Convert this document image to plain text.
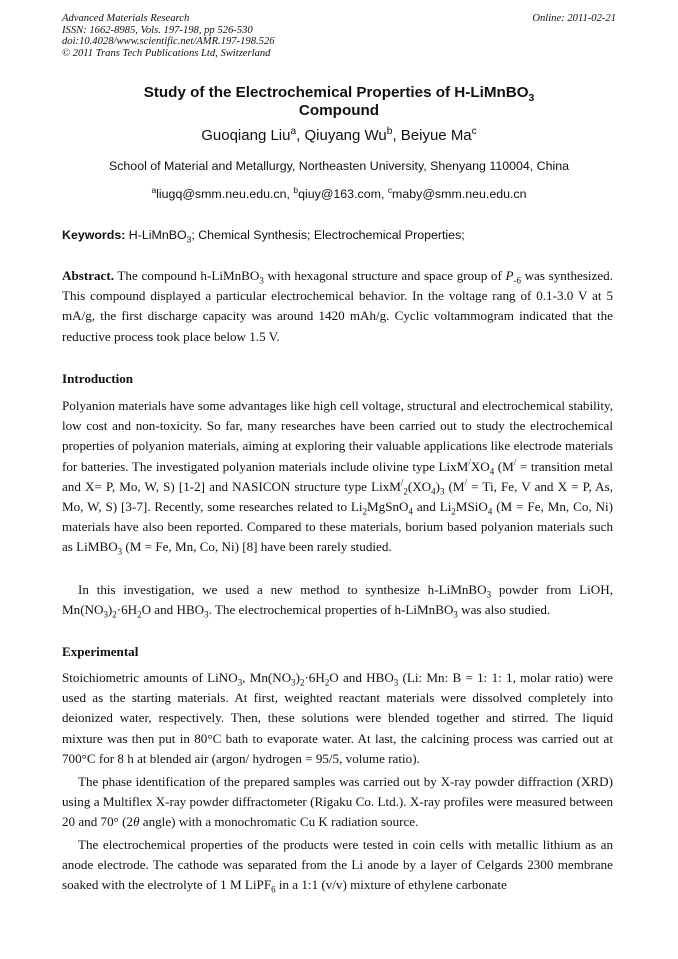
Advanced Materials Research
ISSN: 1662-8985, Vols. 197-198, pp 526-530
doi:10.4028/www.scientific.net/AMR.197-198.526
© 2011 Trans Tech Publications Ltd, Switzerland
Online: 2011-02-21
Study of the Electrochemical Properties of H-LiMnBO$_3$
Compound
Guoqiang Liu$^a$, Qiuyang Wu$^b$, Beiyue Ma$^c$
School of Material and Metallurgy, Northeasten University, Shenyang 110004, China
$^a$liugq@smm.neu.edu.cn, $^b$qiuy@163.com, $^c$maby@smm.neu.edu.cn
Keywords: H-LiMnBO$_3$; Chemical Synthesis; Electrochemical Properties;
Abstract. The compound h-LiMnBO$_3$ with hexagonal structure and space group of $P_{-6}$ was synthesized. This compound displayed a particular electrochemical behavior. In the voltage rang of 0.1-3.0 V at 5 mA/g, the first discharge capacity was around 1420 mAh/g. Cyclic voltammogram indicated that the reductive process took place below 1.5 V.
Introduction
Polyanion materials have some advantages like high cell voltage, structural and electrochemical stability, low cost and non-toxicity. So far, many researches have been carried out to study the electrochemical properties of polyanion materials, aiming at exploring their valuable applications like electrode materials for batteries. The investigated polyanion materials include olivine type $LixM^/XO_4$ (M/ = transition metal and X= P, Mo, W, S) [1-2] and NASICON structure type $LixM^/_2(XO_4)_3$ (M/ = Ti, Fe, V and X = P, As, Mo, W, S) [3-7]. Recently, some researches related to $Li_2MgSnO_4$ and $Li_2MSiO_4$ (M = Fe, Mn, Co, Ni) materials have also been reported. Compared to these materials, borium based polyanion materials such as LiMBO$_3$ (M = Fe, Mn, Co, Ni) [8] have been rarely studied.
In this investigation, we used a new method to synthesize h-LiMnBO$_3$ powder from LiOH, $Mn(NO_3)_2\cdot 6H_2O$ and $HBO_3$. The electrochemical properties of h-LiMnBO$_3$ was also studied.
Experimental
Stoichiometric amounts of LiNO$_3$, $Mn(NO_3)_2\cdot 6H_2O$ and $HBO_3$ (Li: Mn: B = 1: 1: 1, molar ratio) were used as the starting materials. At first, weighted reactant materials were dissolved completely into deionized water, respectively. Then, these solutions were blended together and stirred. The liquid mixture was then put in 80°C bath to evaporate water. At last, the calcining process was carried out at 700°C for 8 h at blended air (argon/ hydrogen = 95/5, volume ratio).
The phase identification of the prepared samples was carried out by X-ray powder diffraction (XRD) using a Multiflex X-ray powder diffractometer (Rigaku Co. Ltd.). X-ray profiles were measured between 20 and 70° (2θ angle) with a monochromatic Cu K radiation source.
The electrochemical properties of the products were tested in coin cells with metallic lithium as an anode electrode. The cathode was separated from the Li anode by a layer of Celgards 2300 membrane soaked with the electrolyte of 1 M LiPF$_6$ in a 1:1 (v/v) mixture of ethylene carbonate
